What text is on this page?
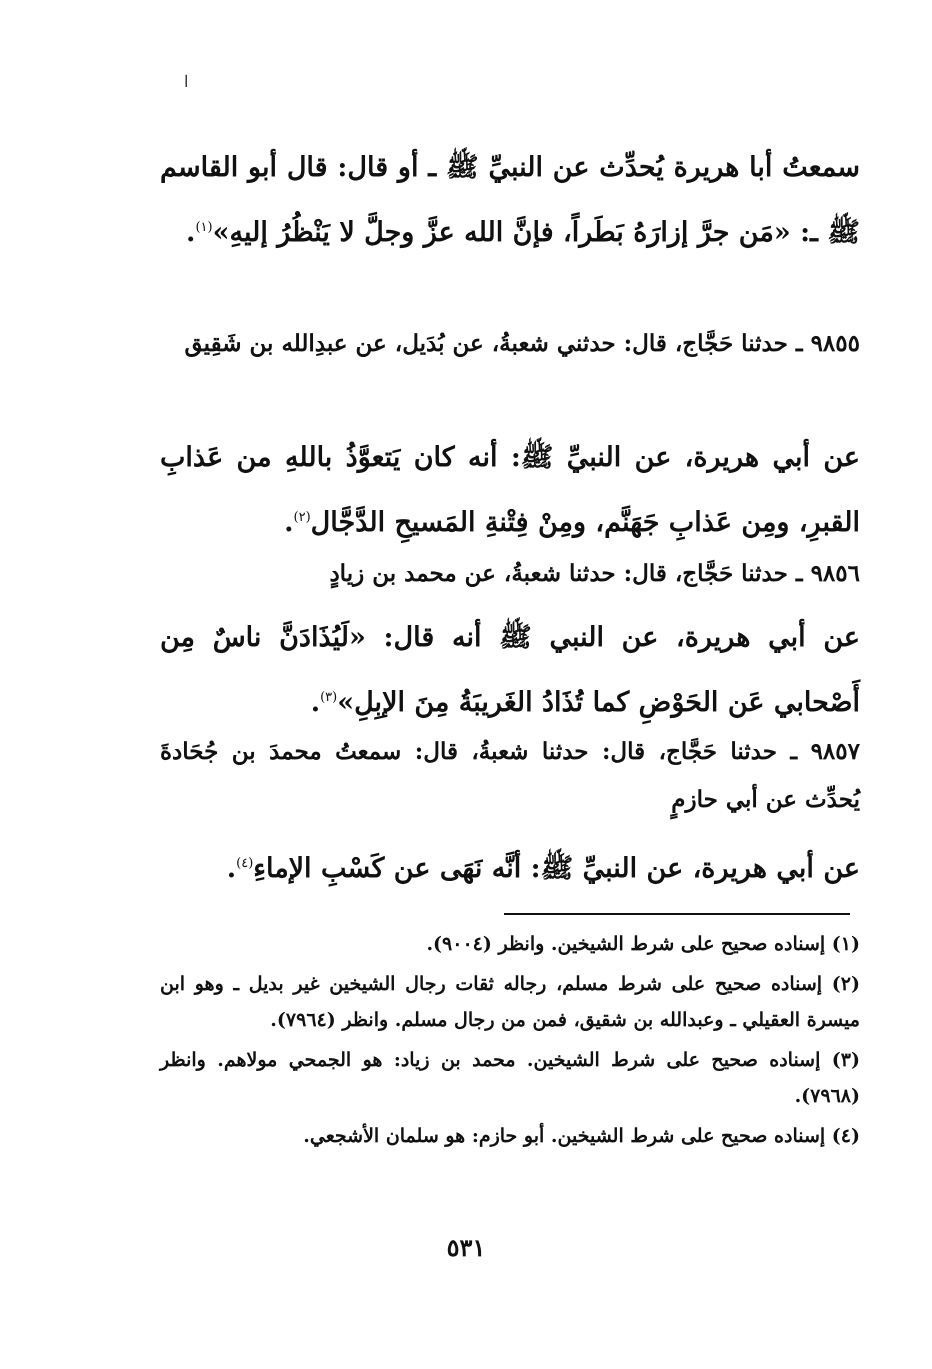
ا

سمعتُ أبا هريرة يُحدِّث عن النبيِّ ﷺ ـ أو قال: قال أبو القاسم ﷺ ـ: «مَن جرَّ إزارَهُ بَطَراً، فإنَّ الله عزَّ وجلَّ لا يَنْظُرُ إليهِ»$^{(١)}$.

٩٨٥٥ ـ حدثنا حَجَّاج، قال: حدثني شعبةُ، عن بُدَيل، عن عبدِالله بن شَقِيق

عن أبي هريرة، عن النبيِّ ﷺ: أنه كان يَتعوَّذُ باللهِ من عَذابِ القبرِ، ومِن عَذابِ جَهَنَّم، ومِنْ فِتْنةِ المَسيحِ الدَّجَّال$^{(٢)}$.

٩٨٥٦ ـ حدثنا حَجَّاج، قال: حدثنا شعبةُ، عن محمد بن زيادٍ

عن أبي هريرة، عن النبي ﷺ أنه قال: «لَيُذَادَنَّ ناسٌ مِن أَصْحابي عَن الحَوْضِ كما تُذَادُ الغَريبَةُ مِنَ الإبِلِ»$^{(٣)}$.

٩٨٥٧ ـ حدثنا حَجَّاج، قال: حدثنا شعبةُ، قال: سمعتُ محمدَ بن جُحَادةَ يُحدِّث عن أبي حازمٍ

عن أبي هريرة، عن النبيِّ ﷺ: أنَّه نَهَى عن كَسْبِ الإماءِ$^{(٤)}$.

(١) إسناده صحيح على شرط الشيخين. وانظر (٩٠٠٤).

(٢) إسناده صحيح على شرط مسلم، رجاله ثقات رجال الشيخين غير بديل ـ وهو ابن ميسرة العقيلي ـ وعبدالله بن شقيق، فمن من رجال مسلم. وانظر (٧٩٦٤).

(٣) إسناده صحيح على شرط الشيخين. محمد بن زياد: هو الجمحي مولاهم. وانظر (٧٩٦٨).

(٤) إسناده صحيح على شرط الشيخين. أبو حازم: هو سلمان الأشجعي.

٥٣١
